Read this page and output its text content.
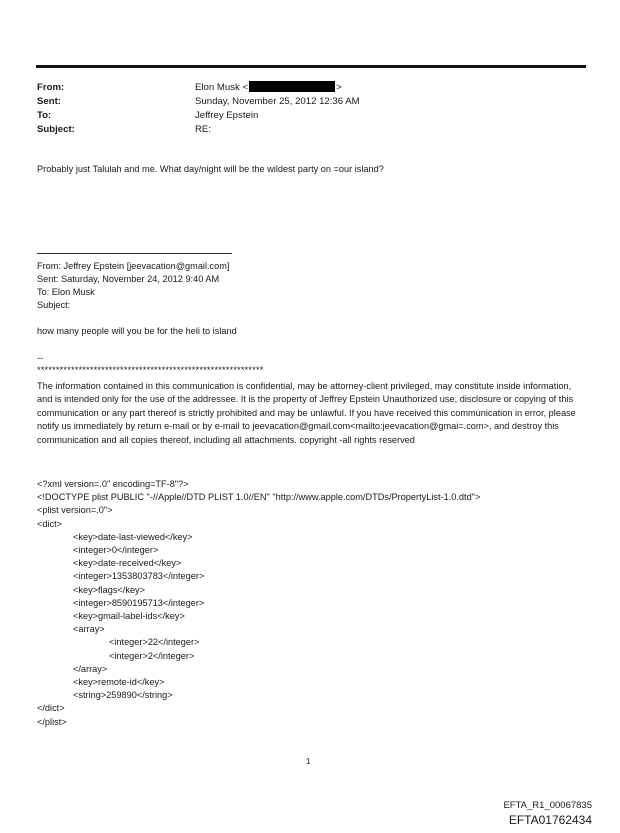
From:	Elon Musk <	>
Sent:	Sunday, November 25, 2012 12:36 AM
To:	Jeffrey Epstein
Subject:	RE:
Probably just Talulah and me. What day/night will be the wildest party on =our island?
From: Jeffrey Epstein [jeevacation@gmail.com]
Sent: Saturday, November 24, 2012 9:40 AM
To: Elon Musk
Subject:
how many people will you be for the heli to island
--
************************************************************

The information contained in this communication is confidential, may be attorney-client privileged, may constitute inside information, and is intended only for the use of the addressee. It is the property of Jeffrey Epstein Unauthorized use, disclosure or copying of this communication or any part thereof is strictly prohibited and may be unlawful. If you have received this communication in error, please notify us immediately by return e-mail or by e-mail to jeevacation@gmail.com<mailto:jeevacation@gmai=.com>, and destroy this communication and all copies thereof, including all attachments. copyright -all rights reserved

<?xml version=.0" encoding=TF-8"?>
<!DOCTYPE plist PUBLIC "-//Apple//DTD PLIST 1.0//EN" "http://www.apple.com/DTDs/PropertyList-1.0.dtd">
<plist version=.0">
<dict>
<key>date-last-viewed</key>
<integer>0</integer>
<key>date-received</key>
<integer>1353803783</integer>
<key>flags</key>
<integer>8590195713</integer>
<key>gmail-label-ids</key>
<array>
<integer>22</integer>
<integer>2</integer>
</array>
<key>remote-id</key>
<string>259890</string>
</dict>
</plist>
1
EFTA_R1_00067835
EFTA01762434
